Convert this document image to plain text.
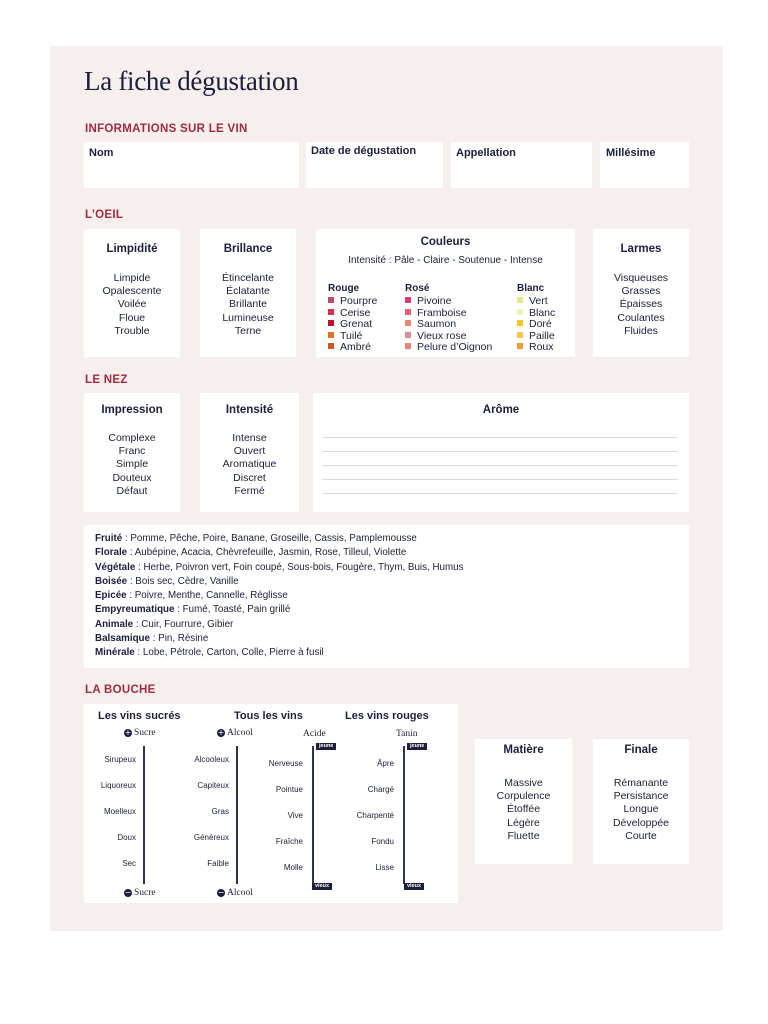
La fiche dégustation
INFORMATIONS SUR LE VIN
Nom	Date de dégustation	Appellation	Millésime
L’OEIL
Limpidité
Limpide
Opalescente
Voilée
Floue
Trouble
Brillance
Étincelante
Éclatante
Brillante
Lumineuse
Terne
Couleurs
Intensité : Pâle - Claire - Soutenue - Intense
Rouge
Pourpre
Cerise
Grenat
Tuilé
Ambré
Rosé
Pivoine
Framboise
Saumon
Vieux rose
Pelure d’Oignon
Blanc
Vert
Blanc
Doré
Paille
Roux
Larmes
Visqueuses
Grasses
Épaisses
Coulantes
Fluides
LE NEZ
Impression
Complexe
Franc
Simple
Douteux
Défaut
Intensité
Intense
Ouvert
Aromatique
Discret
Fermé
Arôme
Fruité : Pomme, Pêche, Poire, Banane, Groseille, Cassis, Pamplemousse
Florale : Aubépine, Acacia, Chèvrefeuille, Jasmin, Rose, Tilleul, Violette
Végétale : Herbe, Poivron vert, Foin coupé, Sous-bois, Fougère, Thym, Buis, Humus
Boisée : Bois sec, Cèdre, Vanille
Epicée : Poivre, Menthe, Cannelle, Réglisse
Empyreumatique : Fumé, Toasté, Pain grillé
Animale : Cuir, Fourrure, Gibier
Balsamique : Pin, Résine
Minérale : Lobe, Pétrole, Carton, Colle, Pierre à fusil
LA BOUCHE
Les vins sucrés	Tous les vins	Les vins rouges
+ Sucre	+ Alcool	Acide	Tanin
jeune	jeune
vieux	vieux
Sirupeux
Liquoreux
Moelleux
Doux
Sec
Alcooleux
Capiteux
Gras
Généreux
Faible
Nerveuse
Pointue
Vive
Fraîche
Molle
Âpre
Chargé
Charpenté
Fondu
Lisse
− Sucre	− Alcool
Matière
Massive
Corpulence
Étoffée
Légère
Fluette
Finale
Rémanante
Persistance
Longue
Développée
Courte
